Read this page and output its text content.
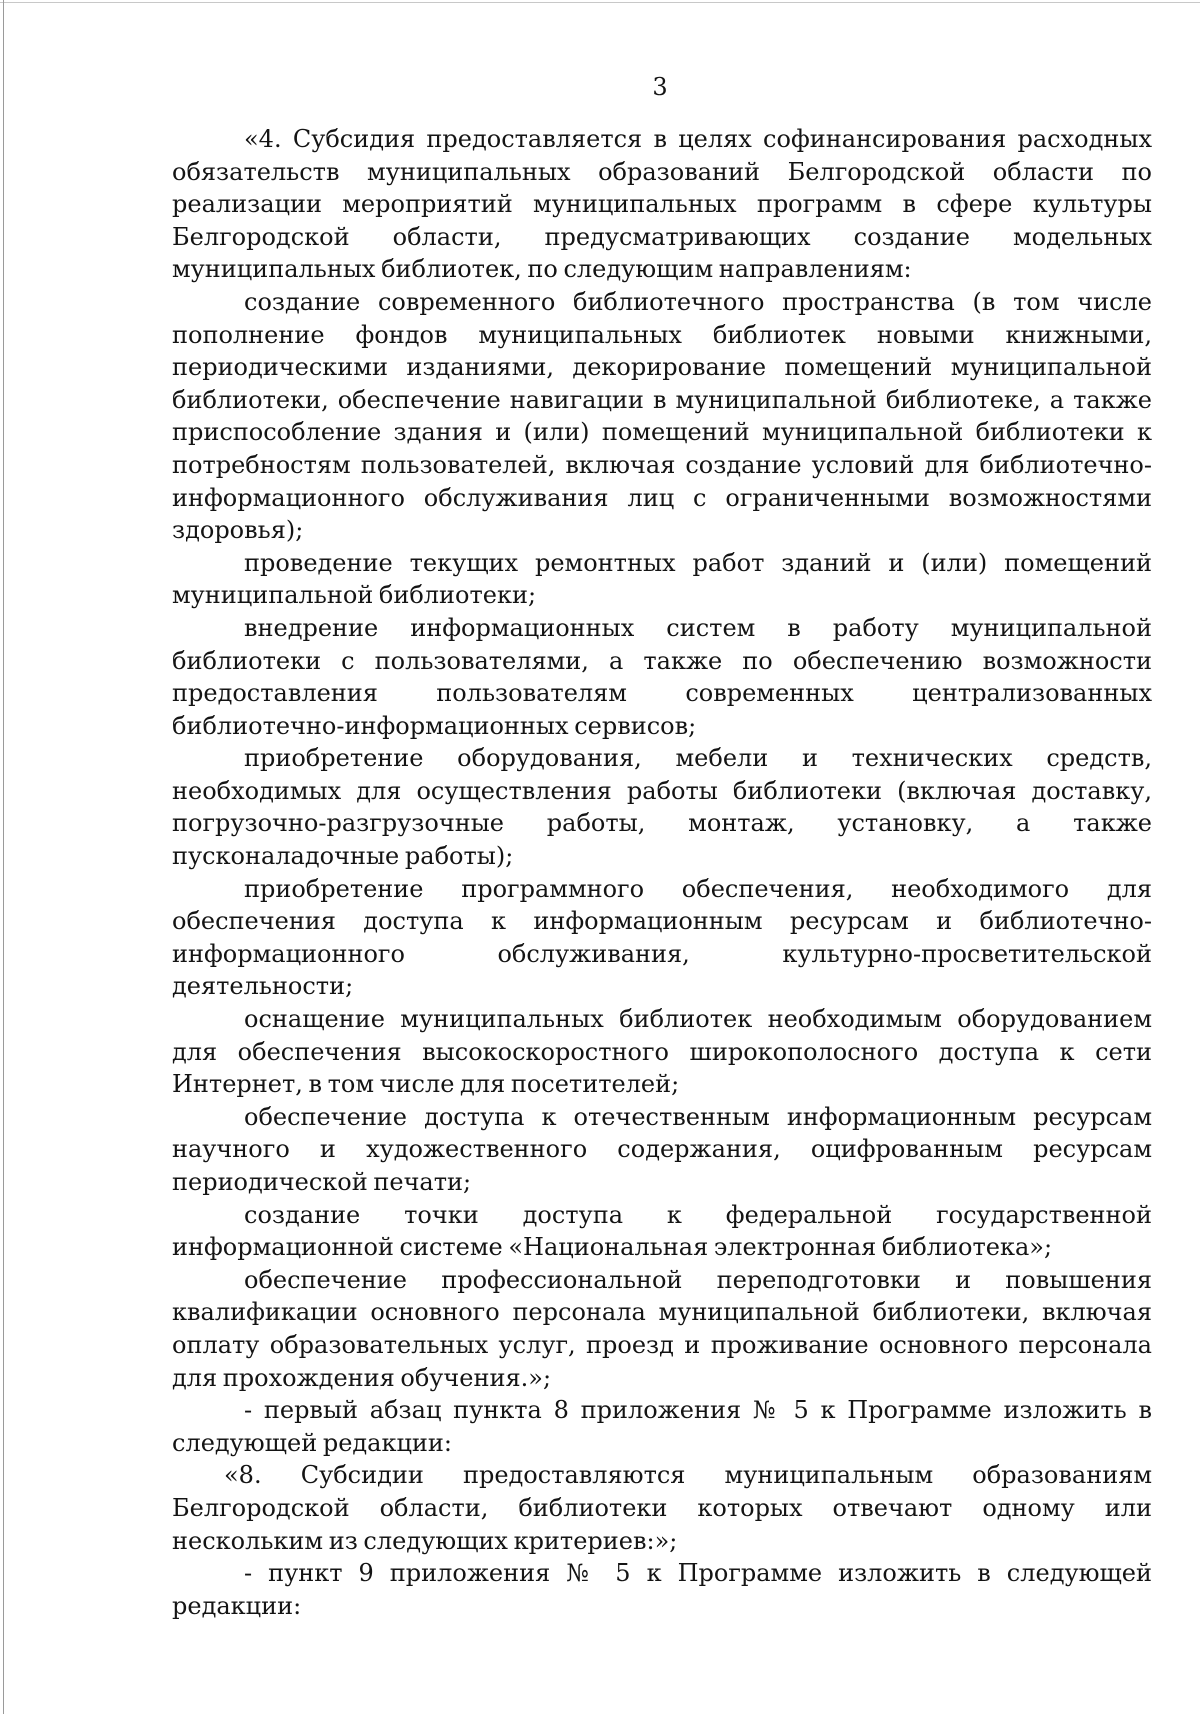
3

«4. Субсидия предоставляется в целях софинансирования расходных обязательств муниципальных образований Белгородской области по реализации мероприятий муниципальных программ в сфере культуры Белгородской области, предусматривающих создание модельных муниципальных библиотек, по следующим направлениям:

создание современного библиотечного пространства (в том числе пополнение фондов муниципальных библиотек новыми книжными, периодическими изданиями, декорирование помещений муниципальной библиотеки, обеспечение навигации в муниципальной библиотеке, а также приспособление здания и (или) помещений муниципальной библиотеки к потребностям пользователей, включая создание условий для библиотечно-информационного обслуживания лиц с ограниченными возможностями здоровья);

проведение текущих ремонтных работ зданий и (или) помещений муниципальной библиотеки;

внедрение информационных систем в работу муниципальной библиотеки с пользователями, а также по обеспечению возможности предоставления пользователям современных централизованных библиотечно-информационных сервисов;

приобретение оборудования, мебели и технических средств, необходимых для осуществления работы библиотеки (включая доставку, погрузочно-разгрузочные работы, монтаж, установку, а также пусконаладочные работы);

приобретение программного обеспечения, необходимого для обеспечения доступа к информационным ресурсам и библиотечно-информационного обслуживания, культурно-просветительской деятельности;

оснащение муниципальных библиотек необходимым оборудованием для обеспечения высокоскоростного широкополосного доступа к сети Интернет, в том числе для посетителей;

обеспечение доступа к отечественным информационным ресурсам научного и художественного содержания, оцифрованным ресурсам периодической печати;

создание точки доступа к федеральной государственной информационной системе «Национальная электронная библиотека»;

обеспечение профессиональной переподготовки и повышения квалификации основного персонала муниципальной библиотеки, включая оплату образовательных услуг, проезд и проживание основного персонала для прохождения обучения.»;

- первый абзац пункта 8 приложения № 5 к Программе изложить в следующей редакции:

«8. Субсидии предоставляются муниципальным образованиям Белгородской области, библиотеки которых отвечают одному или нескольким из следующих критериев:»;

- пункт 9 приложения № 5 к Программе изложить в следующей редакции:
